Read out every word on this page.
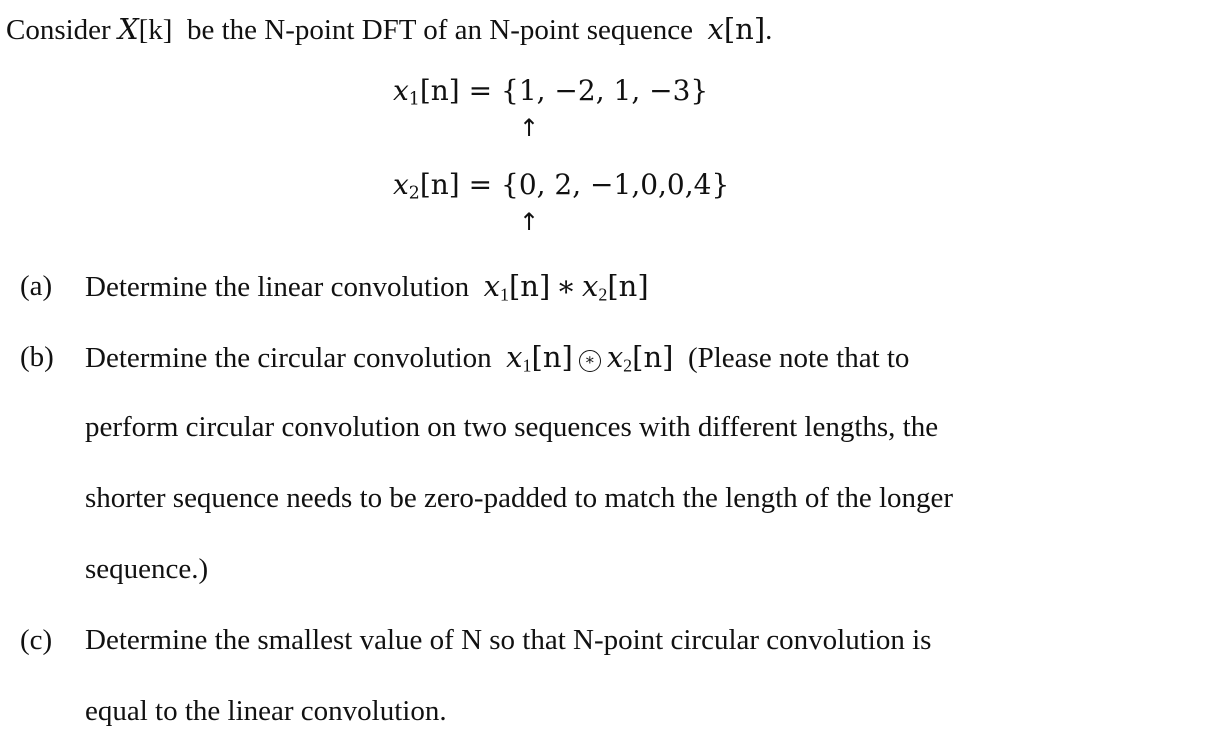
Consider X[k]  be the N-point DFT of an N-point sequence  x[n].
$x_1[n] = \{1$, −2, 1, −3}
↑
$x_2[n] = \{0$, 2, −1,0,0,4}
↑
(a) Determine the linear convolution  $x_1[n]$ ∗ $x_2[n]$
(b) Determine the circular convolution  $x_1[n]$ ∗ $x_2[n]$  (Please note that to
perform circular convolution on two sequences with different lengths, the
shorter sequence needs to be zero-padded to match the length of the longer
sequence.)
(c) Determine the smallest value of N so that N-point circular convolution is
equal to the linear convolution.
